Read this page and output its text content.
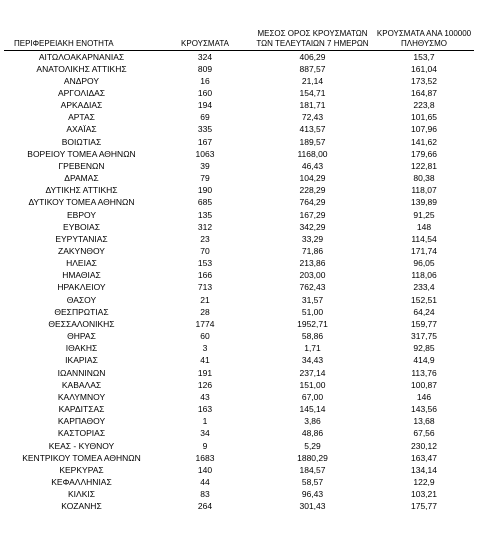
ΠΕΡΙΦΕΡΕΙΑΚΗ ΕΝΟΤΗΤΑ	ΚΡΟΥΣΜΑΤΑ	ΜΕΣΟΣ ΟΡΟΣ ΚΡΟΥΣΜΑΤΩΝ ΤΩΝ ΤΕΛΕΥΤΑΙΩΝ 7 ΗΜΕΡΩΝ	ΚΡΟΥΣΜΑΤΑ ΑΝΑ 100000 ΠΛΗΘΥΣΜΟ
ΑΙΤΩΛΟΑΚΑΡΝΑΝΙΑΣ	324	406,29	153,7
ΑΝΑΤΟΛΙΚΗΣ ΑΤΤΙΚΗΣ	809	887,57	161,04
ΑΝΔΡΟΥ	16	21,14	173,52
ΑΡΓΟΛΙΔΑΣ	160	154,71	164,87
ΑΡΚΑΔΙΑΣ	194	181,71	223,8
ΑΡΤΑΣ	69	72,43	101,65
ΑΧΑΪΑΣ	335	413,57	107,96
ΒΟΙΩΤΙΑΣ	167	189,57	141,62
ΒΟΡΕΙΟΥ ΤΟΜΕΑ ΑΘΗΝΩΝ	1063	1168,00	179,66
ΓΡΕΒΕΝΩΝ	39	46,43	122,81
ΔΡΑΜΑΣ	79	104,29	80,38
ΔΥΤΙΚΗΣ ΑΤΤΙΚΗΣ	190	228,29	118,07
ΔΥΤΙΚΟΥ ΤΟΜΕΑ ΑΘΗΝΩΝ	685	764,29	139,89
ΕΒΡΟΥ	135	167,29	91,25
ΕΥΒΟΙΑΣ	312	342,29	148
ΕΥΡΥΤΑΝΙΑΣ	23	33,29	114,54
ΖΑΚΥΝΘΟΥ	70	71,86	171,74
ΗΛΕΙΑΣ	153	213,86	96,05
ΗΜΑΘΙΑΣ	166	203,00	118,06
ΗΡΑΚΛΕΙΟΥ	713	762,43	233,4
ΘΑΣΟΥ	21	31,57	152,51
ΘΕΣΠΡΩΤΙΑΣ	28	51,00	64,24
ΘΕΣΣΑΛΟΝΙΚΗΣ	1774	1952,71	159,77
ΘΗΡΑΣ	60	58,86	317,75
ΙΘΑΚΗΣ	3	1,71	92,85
ΙΚΑΡΙΑΣ	41	34,43	414,9
ΙΩΑΝΝΙΝΩΝ	191	237,14	113,76
ΚΑΒΑΛΑΣ	126	151,00	100,87
ΚΑΛΥΜΝΟΥ	43	67,00	146
ΚΑΡΔΙΤΣΑΣ	163	145,14	143,56
ΚΑΡΠΑΘΟΥ	1	3,86	13,68
ΚΑΣΤΟΡΙΑΣ	34	48,86	67,56
ΚΕΑΣ - ΚΥΘΝΟΥ	9	5,29	230,12
ΚΕΝΤΡΙΚΟΥ ΤΟΜΕΑ ΑΘΗΝΩΝ	1683	1880,29	163,47
ΚΕΡΚΥΡΑΣ	140	184,57	134,14
ΚΕΦΑΛΛΗΝΙΑΣ	44	58,57	122,9
ΚΙΛΚΙΣ	83	96,43	103,21
ΚΟΖΑΝΗΣ	264	301,43	175,77
